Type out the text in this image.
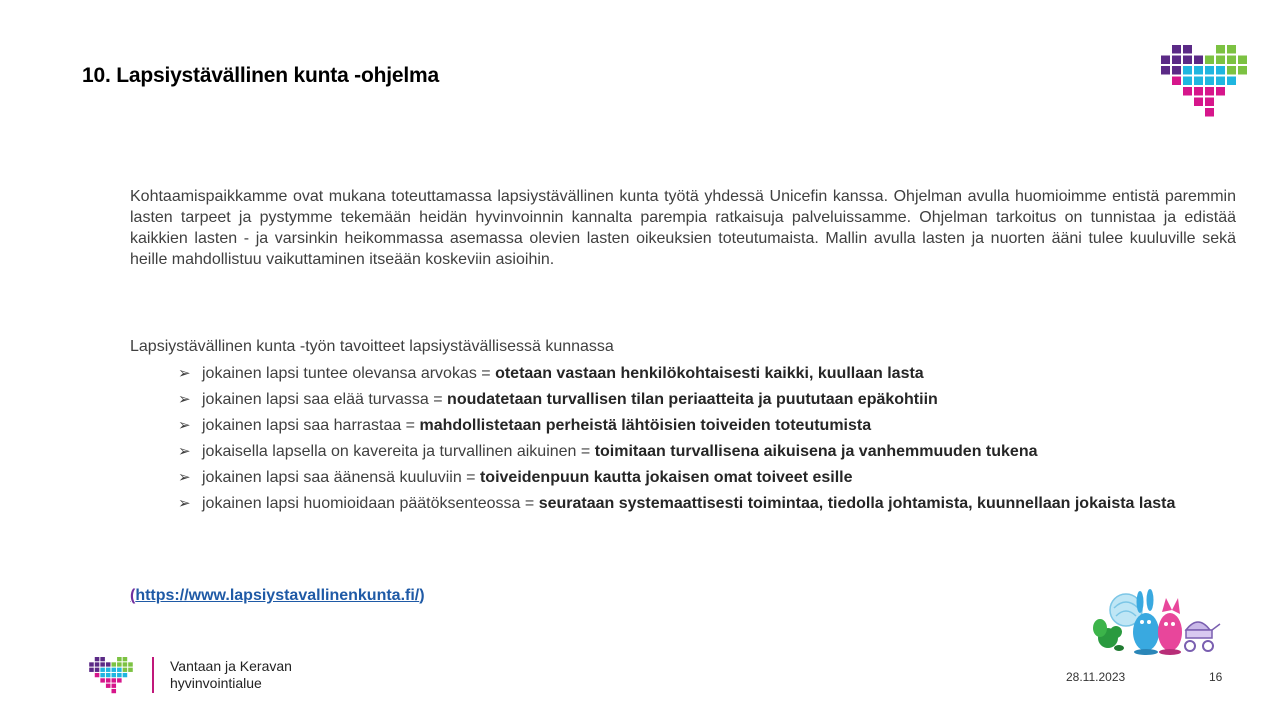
10. Lapsiystävällinen kunta -ohjelma

Kohtaamispaikkamme ovat mukana toteuttamassa lapsiystävällinen kunta työtä yhdessä Unicefin kanssa. Ohjelman avulla huomioimme entistä paremmin lasten tarpeet ja pystymme tekemään heidän hyvinvoinnin kannalta parempia ratkaisuja palveluissamme. Ohjelman tarkoitus on tunnistaa ja edistää kaikkien lasten - ja varsinkin heikommassa asemassa olevien lasten oikeuksien toteutumaista. Mallin avulla lasten ja nuorten ääni tulee kuuluville sekä heille mahdollistuu vaikuttaminen itseään koskeviin asioihin.

Lapsiystävällinen kunta -työn tavoitteet lapsiystävällisessä kunnassa
➢ jokainen lapsi tuntee olevansa arvokas = otetaan vastaan henkilökohtaisesti kaikki, kuullaan lasta
➢ jokainen lapsi saa elää turvassa = noudatetaan turvallisen tilan periaatteita ja puututaan epäkohtiin
➢ jokainen lapsi saa harrastaa = mahdollistetaan perheistä lähtöisien toiveiden toteutumista
➢ jokaisella lapsella on kavereita ja turvallinen aikuinen = toimitaan turvallisena aikuisena ja vanhemmuuden tukena
➢ jokainen lapsi saa äänensä kuuluviin = toiveidenpuun kautta jokaisen omat toiveet esille
➢ jokainen lapsi huomioidaan päätöksenteossa = seurataan systemaattisesti toimintaa, tiedolla johtamista, kuunnellaan jokaista lasta
(https://www.lapsiystavallinenkunta.fi/)
Vantaan ja Keravan
hyvinvointialue	28.11.2023	16
